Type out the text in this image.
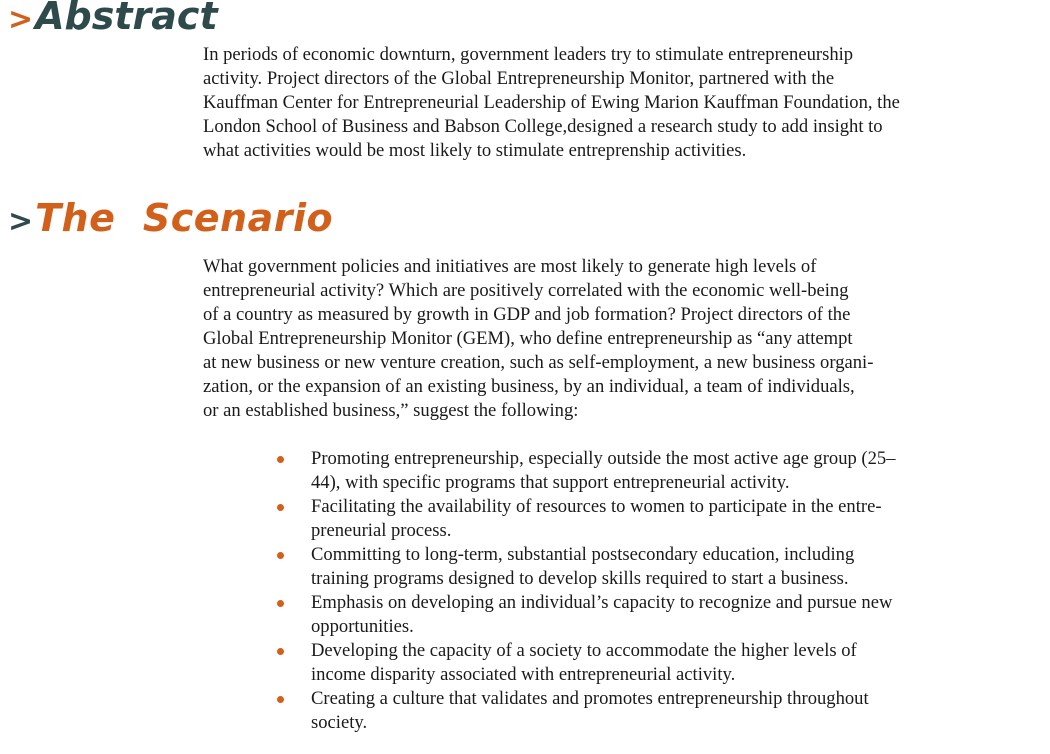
>Abstract

In periods of economic downturn, government leaders try to stimulate entrepreneurship
activity. Project directors of the Global Entrepreneurship Monitor, partnered with the
Kauffman Center for Entrepreneurial Leadership of Ewing Marion Kauffman Foundation, the
London School of Business and Babson College,designed a research study to add insight to
what activities would be most likely to stimulate entreprenship activities.

>The  Scenario

What government policies and initiatives are most likely to generate high levels of
entrepreneurial activity? Which are positively correlated with the economic well-being
of a country as measured by growth in GDP and job formation? Project directors of the
Global Entrepreneurship Monitor (GEM), who define entrepreneurship as “any attempt
at new business or new venture creation, such as self-employment, a new business organi-
zation, or the expansion of an existing business, by an individual, a team of individuals,
or an established business,” suggest the following:

Promoting entrepreneurship, especially outside the most active age group (25–
44), with specific programs that support entrepreneurial activity.
Facilitating the availability of resources to women to participate in the entre-
preneurial process.
Committing to long-term, substantial postsecondary education, including
training programs designed to develop skills required to start a business.
Emphasis on developing an individual’s capacity to recognize and pursue new
opportunities.
Developing the capacity of a society to accommodate the higher levels of
income disparity associated with entrepreneurial activity.
Creating a culture that validates and promotes entrepreneurship throughout
society.
